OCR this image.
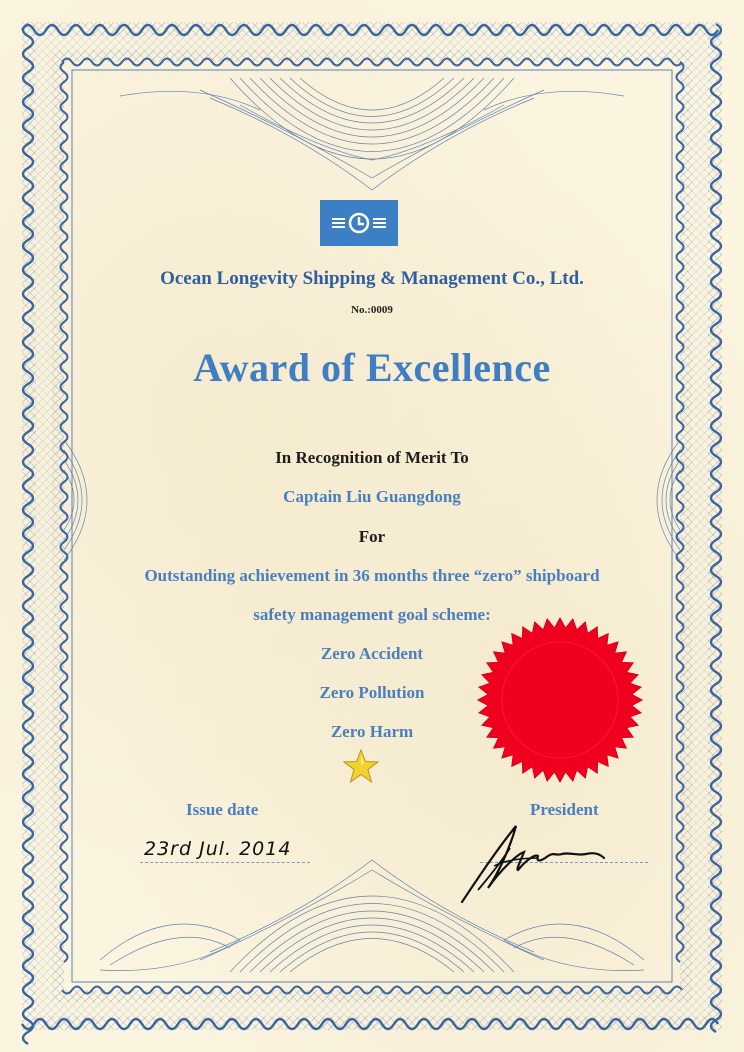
Ocean Longevity Shipping & Management Co., Ltd.
No.:0009
Award of Excellence
In Recognition of Merit To
Captain Liu Guangdong
For
Outstanding achievement in 36 months three “zero” shipboard
safety management goal scheme:
Zero Accident
Zero Pollution
Zero Harm
Issue date
23rd Jul. 2014
President
